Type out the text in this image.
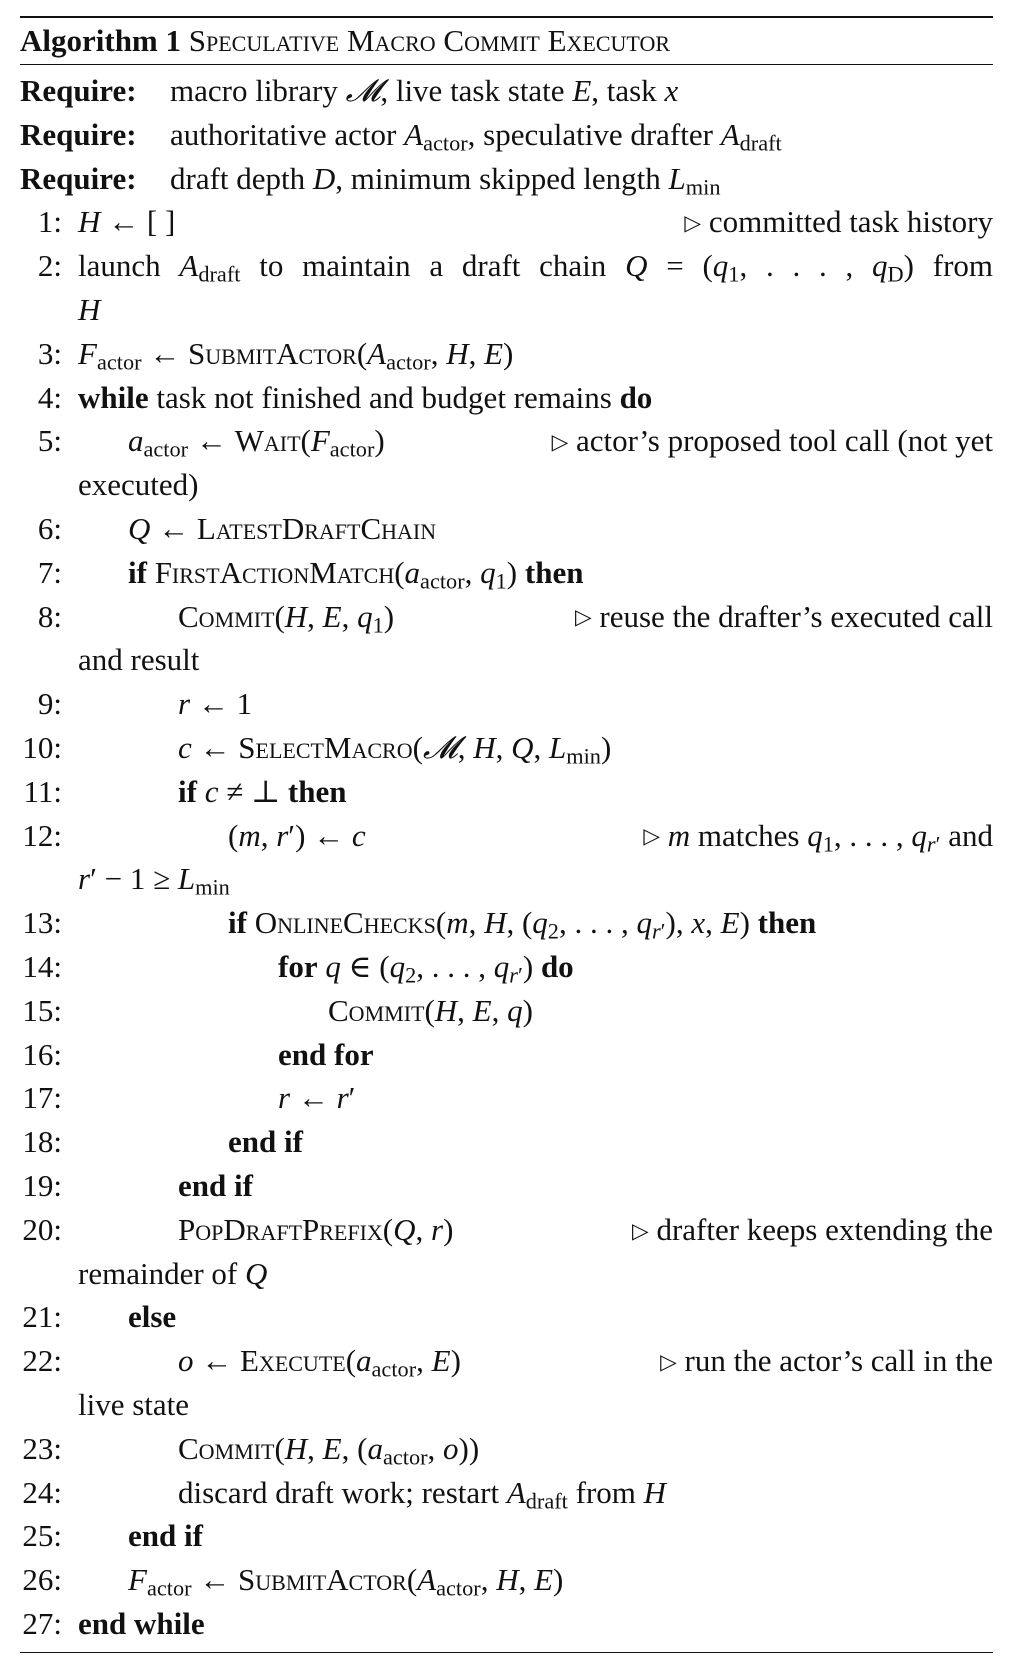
Algorithm 1 Speculative Macro Commit Executor
Require: macro library 𝓜, live task state E, task x
Require: authoritative actor $A_{actor}$, speculative drafter $A_{draft}$
Require: draft depth D, minimum skipped length $L_{min}$
1: H ← [ ]	▷ committed task history
2: launch $A_{draft}$ to maintain a draft chain $Q = (q_1$, . . . , $q_D$) from
H
3: $F_{actor}$ ← $SubmitActor(A_{actor}$, H, E)
4: while task not finished and budget remains do
5: $a_{actor}$ ← $Wait(F_{actor})$	▷ actor’s proposed tool call (not yet
executed)
6: Q ← LatestDraftChain
7: if $FirstActionMatch(a_{actor}$, $q_1$) then
8:	Commit(H, E, $q_1$)	▷ reuse the drafter’s executed call
and result
9:	r ← 1
10:	c ← SelectMacro(𝓜, H, Q, $L_{min}$)
11:	if c ≠ ⊥ then
12:	(m, r′) ← c	▷ m matches $q_1$, . . . , $q_{r'}$ and
$r' - 1 \ge L_{min}$
13:	if OnlineChecks(m, H, ($q_2$, . . . , $q_{r'}$), x, E) then
14:	for q ∈ ($q_2$, . . . , $q_{r'}$) do
15:	Commit(H, E, q)
16:	end for
17:	r ← r′
18:	end if
19:	end if
20:	PopDraftPrefix(Q, r)	▷ drafter keeps extending the
remainder of Q
21: else
22:	o ← $Execute(a_{actor}$, E)	▷ run the actor’s call in the
live state
23:	Commit(H, E, ($a_{actor}$, o))
24:	discard draft work; restart $A_{draft}$ from H
25: end if
26: $F_{actor}$ ← $SubmitActor(A_{actor}$, H, E)
27: end while
